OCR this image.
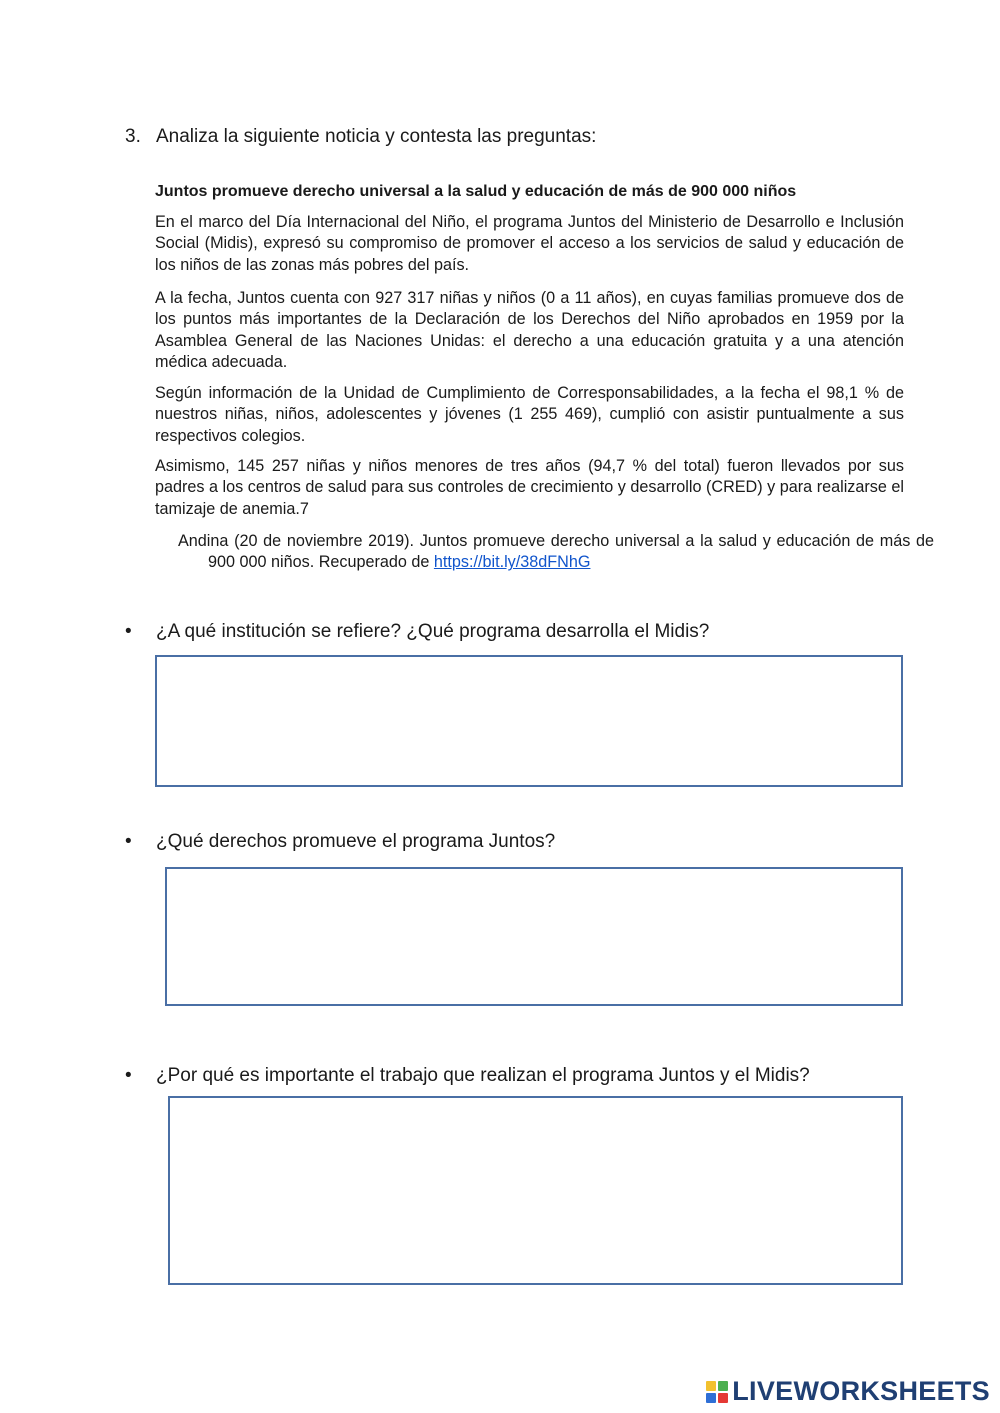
3. Analiza la siguiente noticia y contesta las preguntas:
Juntos promueve derecho universal a la salud y educación de más de 900 000 niños

En el marco del Día Internacional del Niño, el programa Juntos del Ministerio de Desarrollo e Inclusión Social (Midis), expresó su compromiso de promover el acceso a los servicios de salud y educación de los niños de las zonas más pobres del país.

A la fecha, Juntos cuenta con 927 317 niñas y niños (0 a 11 años), en cuyas familias promueve dos de los puntos más importantes de la Declaración de los Derechos del Niño aprobados en 1959 por la Asamblea General de las Naciones Unidas: el derecho a una educación gratuita y a una atención médica adecuada.

Según información de la Unidad de Cumplimiento de Corresponsabilidades, a la fecha el 98,1 % de nuestros niñas, niños, adolescentes y jóvenes (1 255 469), cumplió con asistir puntualmente a sus respectivos colegios.

Asimismo, 145 257 niñas y niños menores de tres años (94,7 % del total) fueron llevados por sus padres a los centros de salud para sus controles de crecimiento y desarrollo (CRED) y para realizarse el tamizaje de anemia.7

Andina (20 de noviembre 2019). Juntos promueve derecho universal a la salud y educación de más de 900 000 niños. Recuperado de https://bit.ly/38dFNhG

•	¿A qué institución se refiere? ¿Qué programa desarrolla el Midis?
•	¿Qué derechos promueve el programa Juntos?
•	¿Por qué es importante el trabajo que realizan el programa Juntos y el Midis?
LIVEWORKSHEETS
